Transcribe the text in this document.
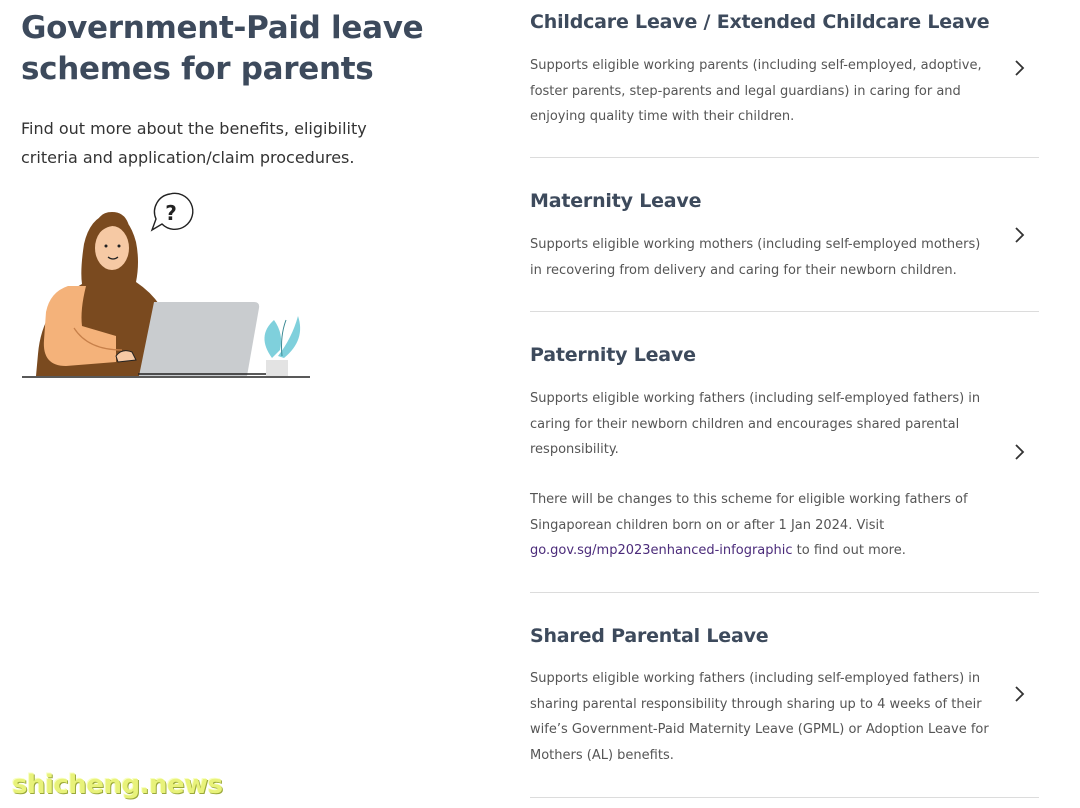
Government-Paid leave
schemes for parents

Find out more about the benefits, eligibility criteria and application/claim procedures.

?
Childcare Leave / Extended Childcare Leave

Supports eligible working parents (including self-employed, adoptive, foster parents, step-parents and legal guardians) in caring for and enjoying quality time with their children.

Maternity Leave

Supports eligible working mothers (including self-employed mothers) in recovering from delivery and caring for their newborn children.

Paternity Leave

Supports eligible working fathers (including self-employed fathers) in caring for their newborn children and encourages shared parental responsibility.

There will be changes to this scheme for eligible working fathers of Singaporean children born on or after 1 Jan 2024. Visit go.gov.sg/mp2023enhanced-infographic to find out more.

Shared Parental Leave

Supports eligible working fathers (including self-employed fathers) in sharing parental responsibility through sharing up to 4 weeks of their wife’s Government-Paid Maternity Leave (GPML) or Adoption Leave for Mothers (AL) benefits.

shicheng.news
